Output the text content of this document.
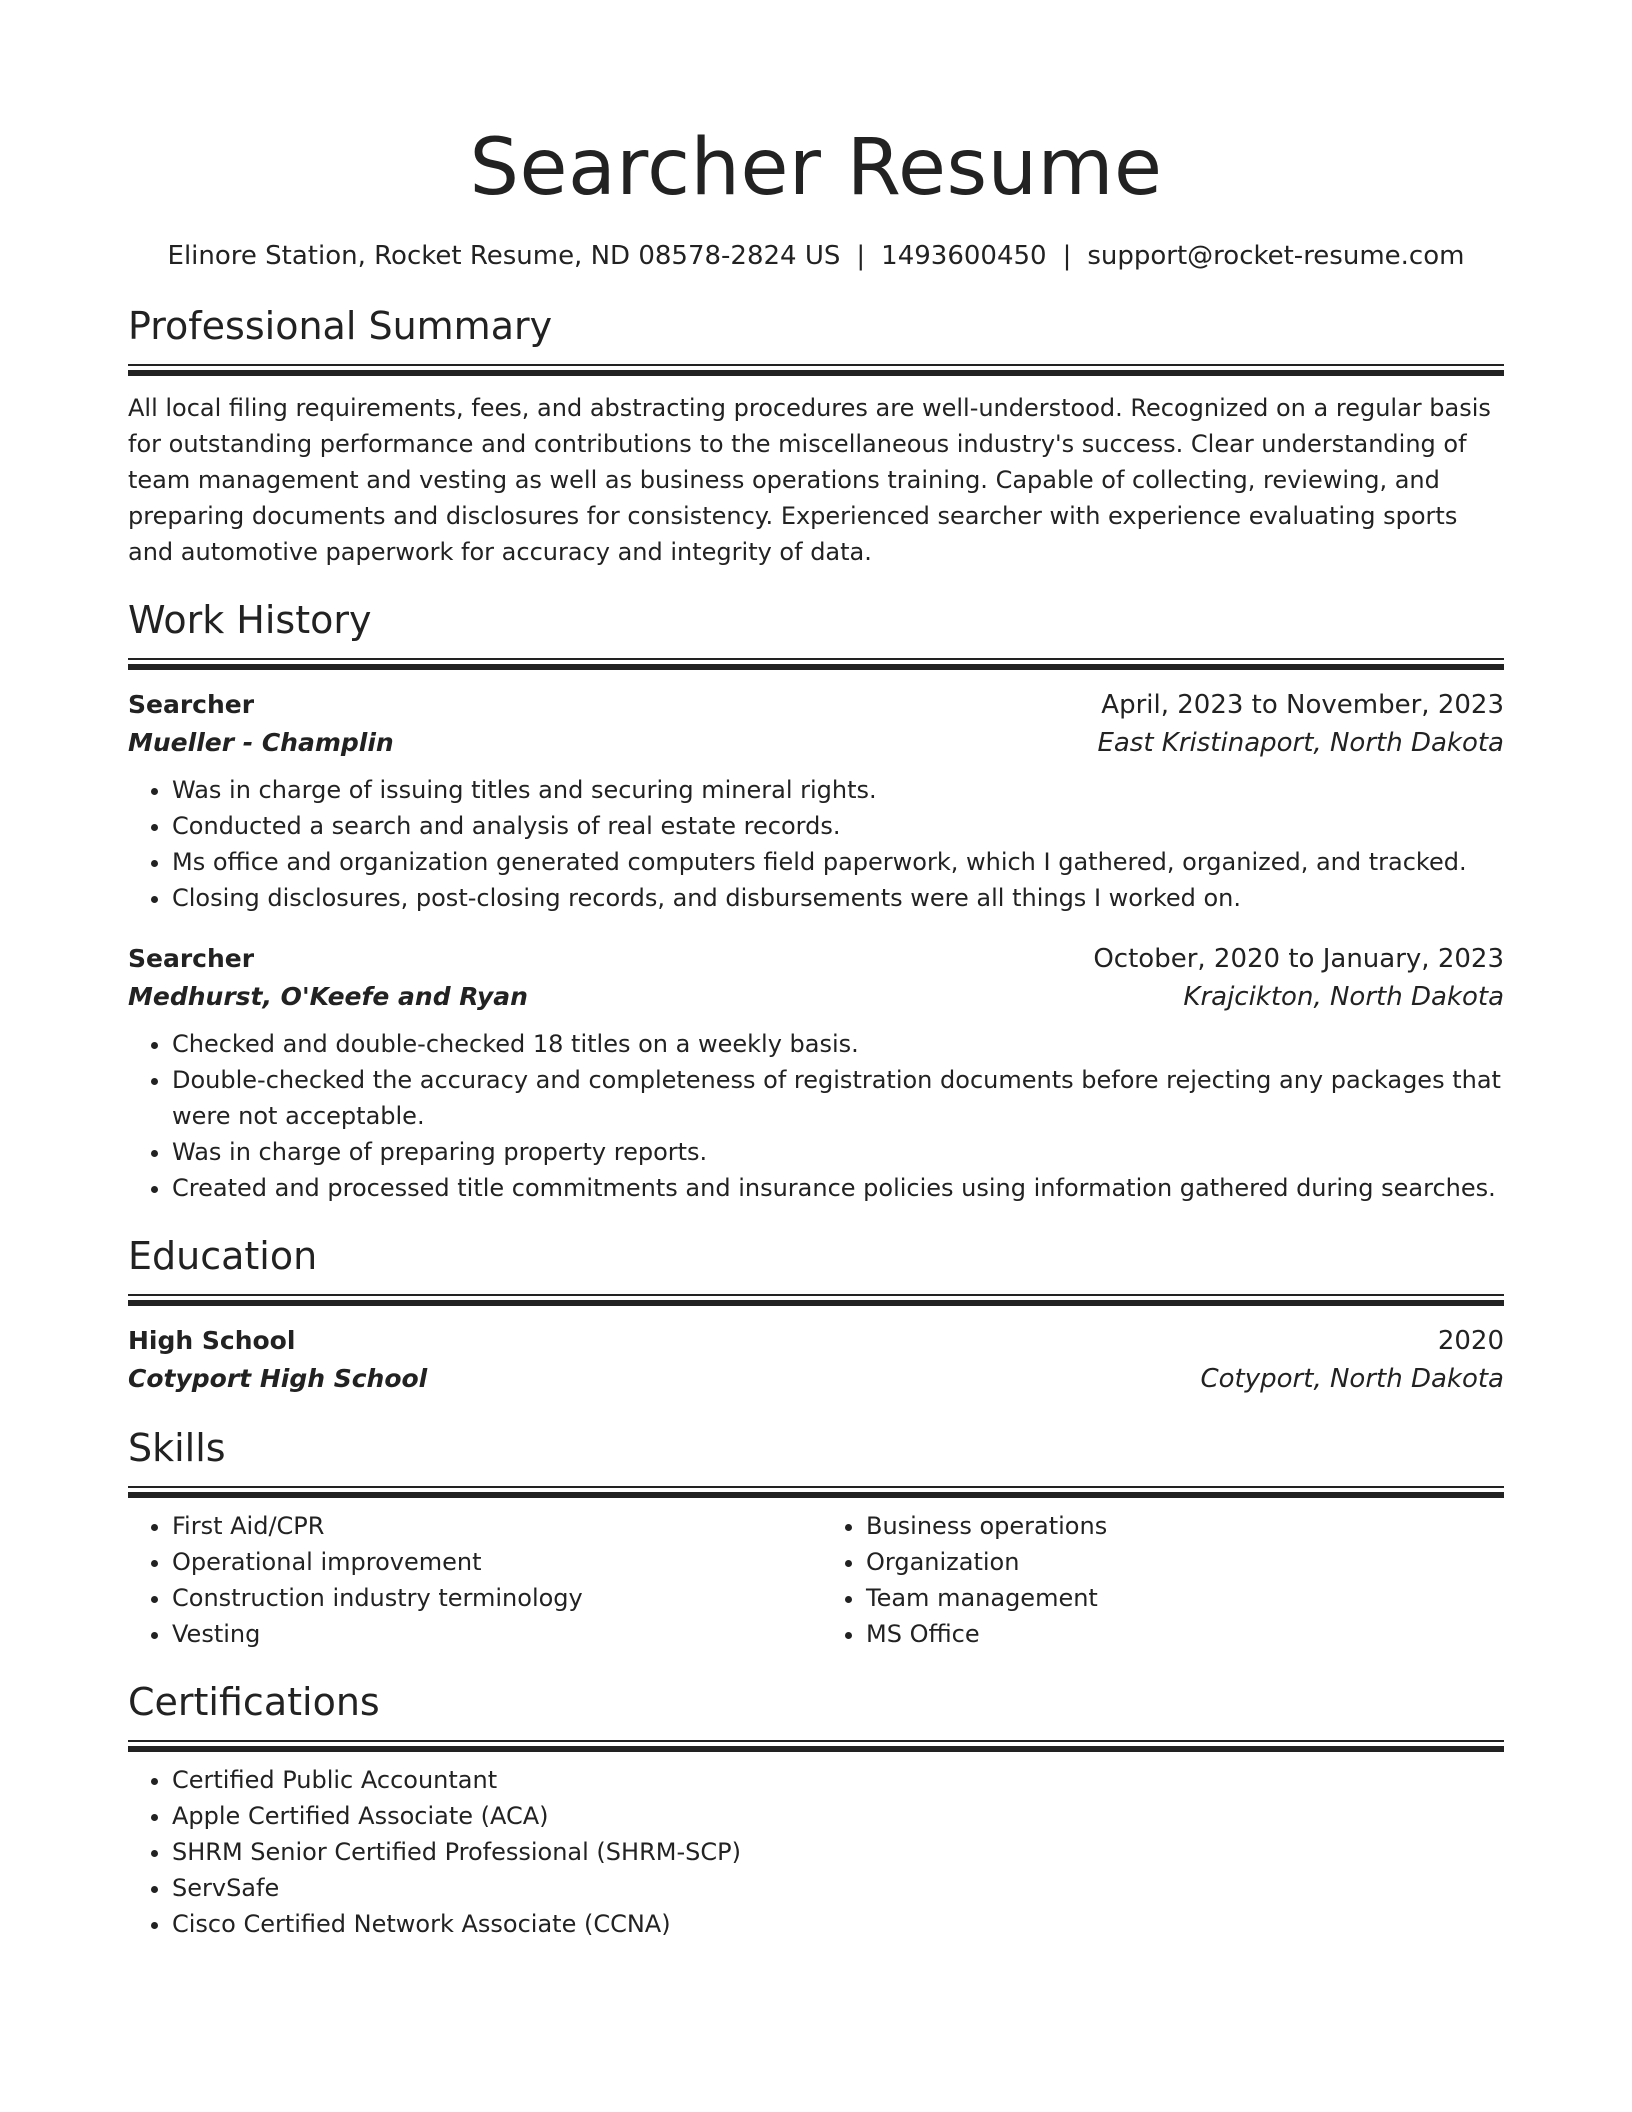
Searcher Resume
Elinore Station, Rocket Resume, ND 08578-2824 US | 1493600450 | support@rocket-resume.com
Professional Summary
All local filing requirements, fees, and abstracting procedures are well-understood. Recognized on a regular basis for outstanding performance and contributions to the miscellaneous industry's success. Clear understanding of team management and vesting as well as business operations training. Capable of collecting, reviewing, and preparing documents and disclosures for consistency. Experienced searcher with experience evaluating sports and automotive paperwork for accuracy and integrity of data.
Work History
Searcher	April, 2023 to November, 2023
Mueller - Champlin	East Kristinaport, North Dakota
• Was in charge of issuing titles and securing mineral rights.
• Conducted a search and analysis of real estate records.
• Ms office and organization generated computers field paperwork, which I gathered, organized, and tracked.
• Closing disclosures, post-closing records, and disbursements were all things I worked on.
Searcher	October, 2020 to January, 2023
Medhurst, O'Keefe and Ryan	Krajcikton, North Dakota
• Checked and double-checked 18 titles on a weekly basis.
• Double-checked the accuracy and completeness of registration documents before rejecting any packages that were not acceptable.
• Was in charge of preparing property reports.
• Created and processed title commitments and insurance policies using information gathered during searches.
Education
High School	2020
Cotyport High School	Cotyport, North Dakota
Skills
• First Aid/CPR
• Operational improvement
• Construction industry terminology
• Vesting
• Business operations
• Organization
• Team management
• MS Office
Certifications
• Certified Public Accountant
• Apple Certified Associate (ACA)
• SHRM Senior Certified Professional (SHRM-SCP)
• ServSafe
• Cisco Certified Network Associate (CCNA)
